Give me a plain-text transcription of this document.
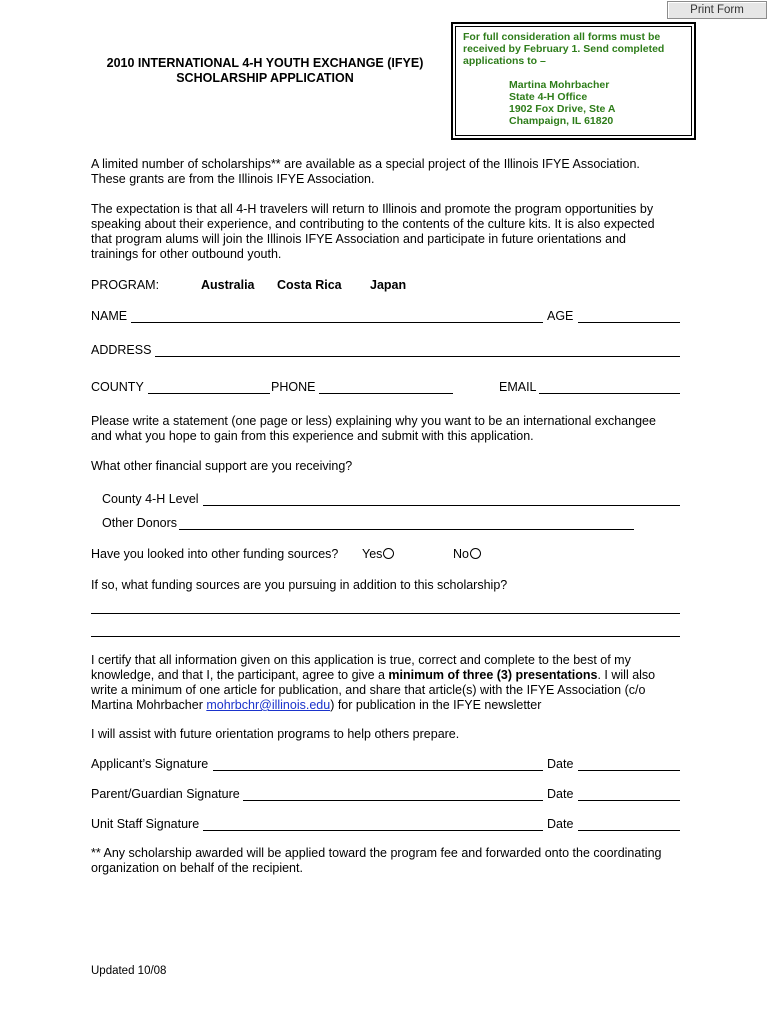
Print Form
2010 INTERNATIONAL 4-H YOUTH EXCHANGE (IFYE)
SCHOLARSHIP APPLICATION
For full consideration all forms must be
received by February 1. Send completed
applications to –
Martina Mohrbacher
State 4-H Office
1902 Fox Drive, Ste A
Champaign, IL 61820
A limited number of scholarships** are available as a special project of the Illinois IFYE Association.
These grants are from the Illinois IFYE Association.
The expectation is that all 4-H travelers will return to Illinois and promote the program opportunities by
speaking about their experience, and contributing to the contents of the culture kits. It is also expected
that program alums will join the Illinois IFYE Association and participate in future orientations and
trainings for other outbound youth.
PROGRAM:	Australia Costa Rica Japan
NAME	AGE
ADDRESS
COUNTY	PHONE	EMAIL
Please write a statement (one page or less) explaining why you want to be an international exchangee
and what you hope to gain from this experience and submit with this application.
What other financial support are you receiving?
County 4-H Level
Other Donors
Have you looked into other funding sources? Yes	No
If so, what funding sources are you pursuing in addition to this scholarship?
I certify that all information given on this application is true, correct and complete to the best of my
knowledge, and that I, the participant, agree to give a minimum of three (3) presentations. I will also
write a minimum of one article for publication, and share that article(s) with the IFYE Association (c/o
Martina Mohrbacher mohrbchr@illinois.edu) for publication in the IFYE newsletter
I will assist with future orientation programs to help others prepare.
Applicant’s Signature	Date
Parent/Guardian Signature	Date
Unit Staff Signature	Date
** Any scholarship awarded will be applied toward the program fee and forwarded onto the coordinating
organization on behalf of the recipient.
Updated 10/08
